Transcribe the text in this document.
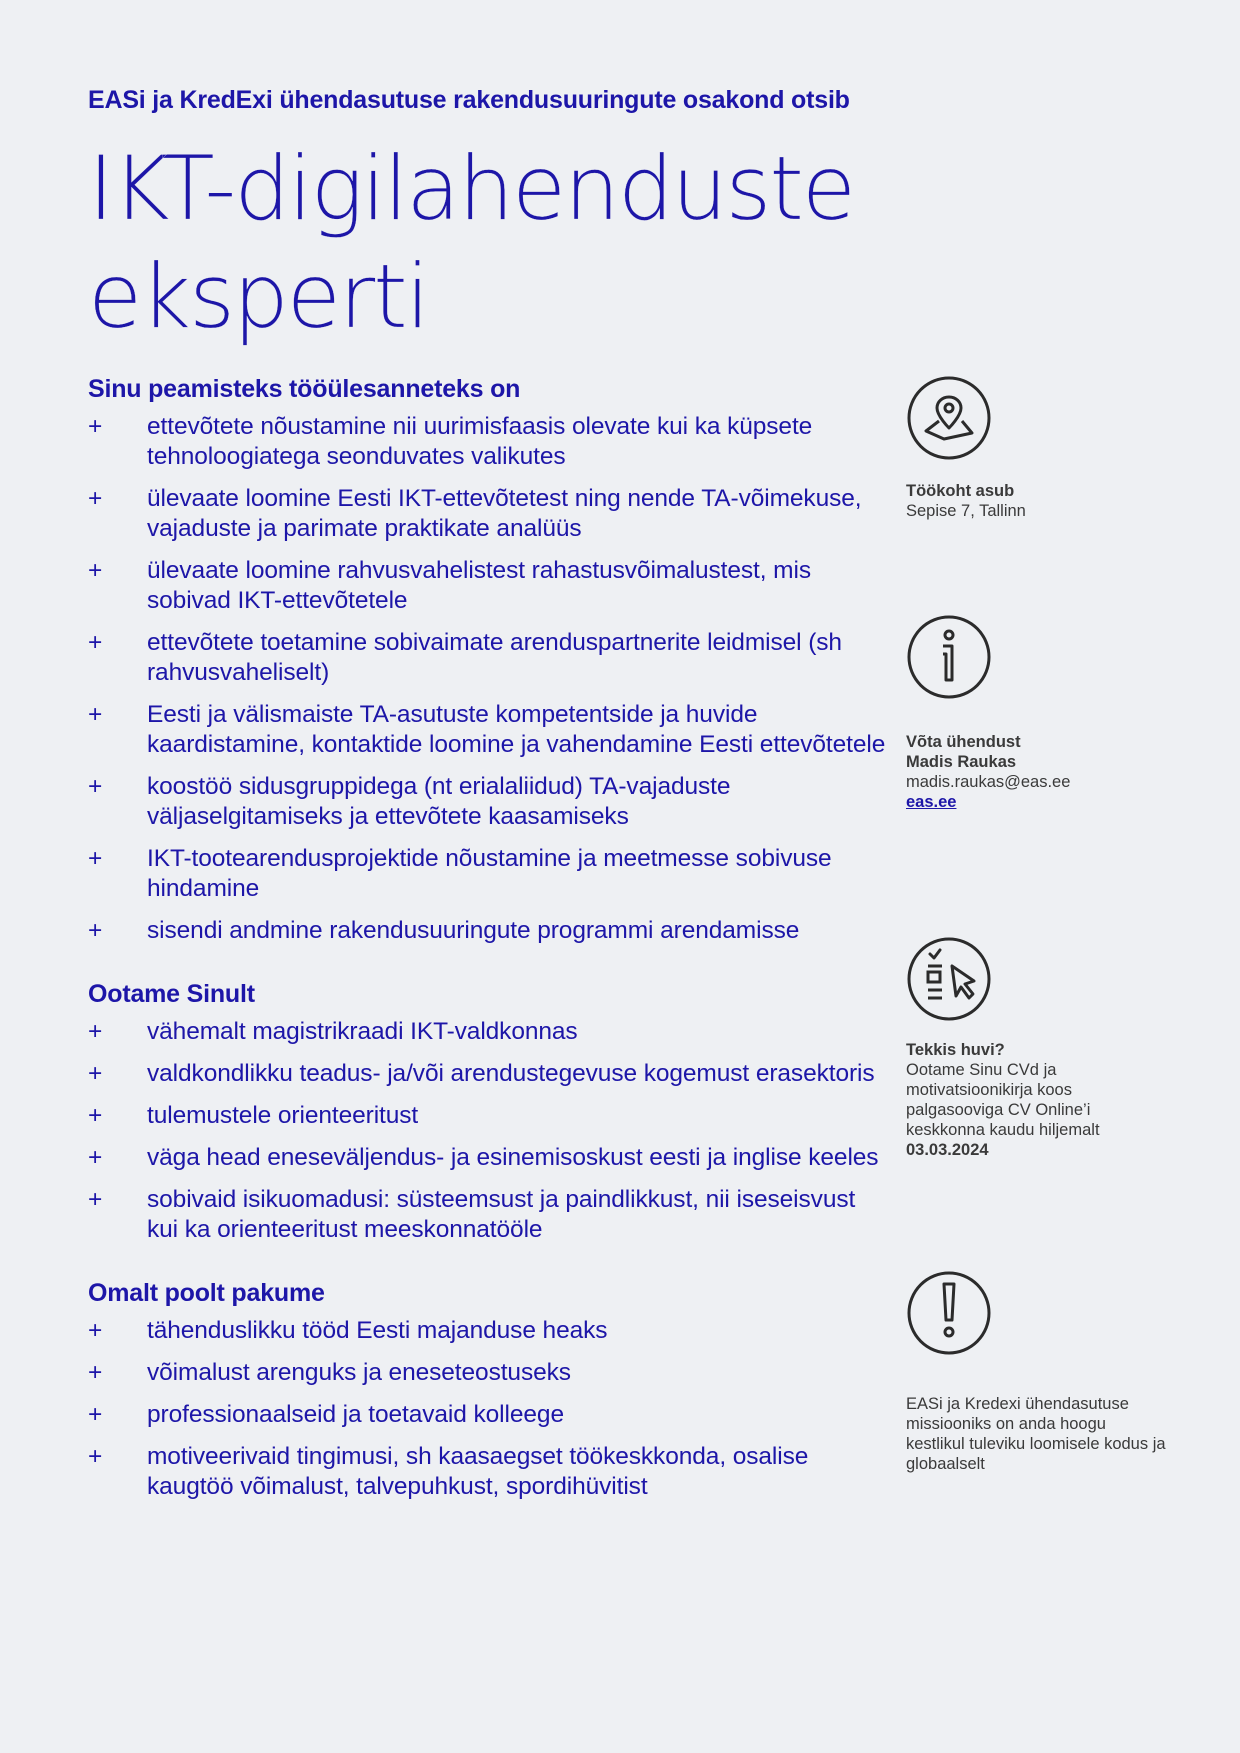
EASi ja KredExi ühendasutuse rakendusuuringute osakond otsib
IKT-digilahenduste
eksperti
Sinu peamisteks tööülesanneteks on
+ ettevõtete nõustamine nii uurimisfaasis olevate kui ka küpsete tehnoloogiatega seonduvates valikutes
+ ülevaate loomine Eesti IKT-ettevõtetest ning nende TA-võimekuse, vajaduste ja parimate praktikate analüüs
+ ülevaate loomine rahvusvahelistest rahastusvõimalustest, mis sobivad IKT-ettevõtetele
+ ettevõtete toetamine sobivaimate arenduspartnerite leidmisel (sh rahvusvaheliselt)
+ Eesti ja välismaiste TA-asutuste kompetentside ja huvide kaardistamine, kontaktide loomine ja vahendamine Eesti ettevõtetele
+ koostöö sidusgruppidega (nt erialaliidud) TA-vajaduste väljaselgitamiseks ja ettevõtete kaasamiseks
+ IKT-tootearendusprojektide nõustamine ja meetmesse sobivuse hindamine
+ sisendi andmine rakendusuuringute programmi arendamisse
Ootame Sinult
+ vähemalt magistrikraadi IKT-valdkonnas
+ valdkondlikku teadus- ja/või arendustegevuse kogemust erasektoris
+ tulemustele orienteeritust
+ väga head eneseväljendus- ja esinemisoskust eesti ja inglise keeles
+ sobivaid isikuomadusi: süsteemsust ja paindlikkust, nii iseseisvust kui ka orienteeritust meeskonnatööle
Omalt poolt pakume
+ tähenduslikku tööd Eesti majanduse heaks
+ võimalust arenguks ja eneseteostuseks
+ professionaalseid ja toetavaid kolleege
+ motiveerivaid tingimusi, sh kaasaegset töökeskkonda, osalise kaugtöö võimalust, talvepuhkust, spordihüvitist
Töökoht asub
Sepise 7, Tallinn
Võta ühendust
Madis Raukas
madis.raukas@eas.ee
eas.ee
Tekkis huvi?
Ootame Sinu CVd ja motivatsioonikirja koos palgasooviga CV Online’i keskkonna kaudu hiljemalt
03.03.2024
EASi ja Kredexi ühendasutuse missiooniks on anda hoogu kestlikul tuleviku loomisele kodus ja globaalselt
